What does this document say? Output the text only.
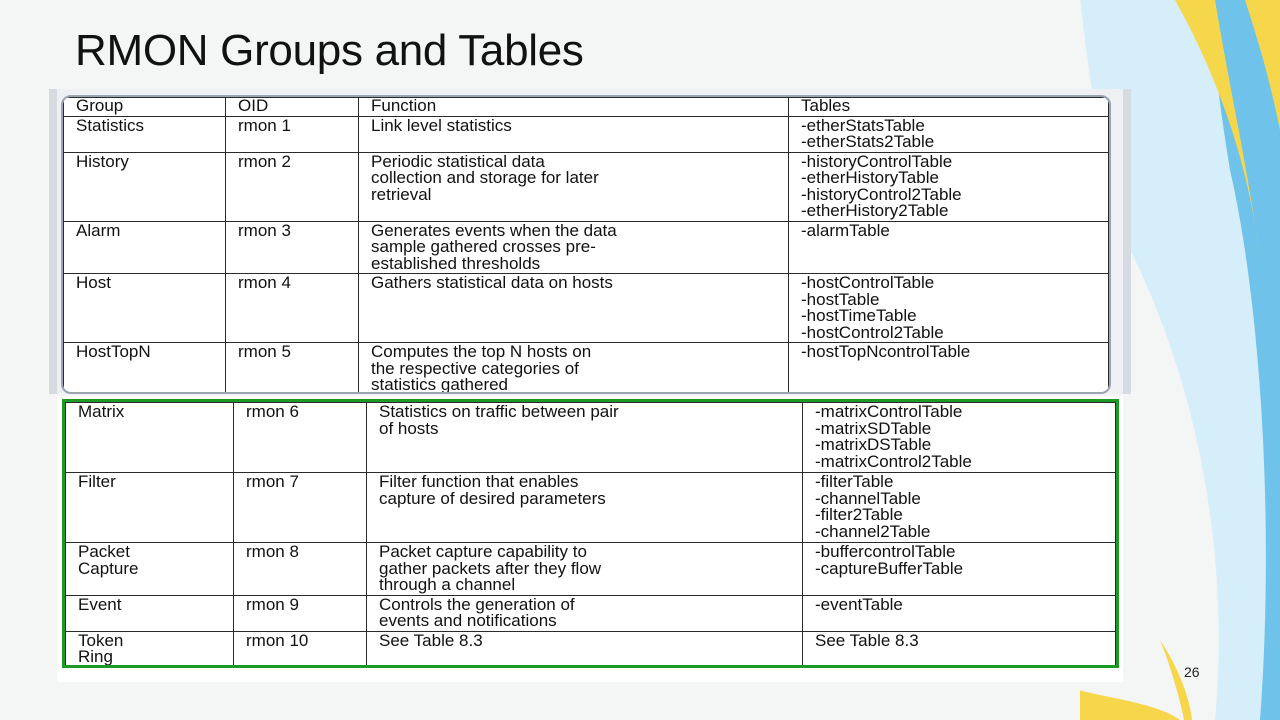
RMON Groups and Tables
Group	OID	Function	Tables

Statistics	rmon 1	Link level statistics	-etherStatsTable
-etherStats2Table

History	rmon 2	Periodic statistical data
collection and storage for later
retrieval	-historyControlTable
-etherHistoryTable
-historyControl2Table
-etherHistory2Table

Alarm	rmon 3	Generates events when the data
sample gathered crosses pre-
established thresholds	-alarmTable

Host	rmon 4	Gathers statistical data on hosts	-hostControlTable
-hostTable
-hostTimeTable
-hostControl2Table

HostTopN	rmon 5	Computes the top N hosts on
the respective categories of
statistics gathered	-hostTopNcontrolTable
Matrix	rmon 6	Statistics on traffic between pair
of hosts	-matrixControlTable
-matrixSDTable
-matrixDSTable
-matrixControl2Table

Filter	rmon 7	Filter function that enables
capture of desired parameters	-filterTable
-channelTable
-filter2Table
-channel2Table

Packet
Capture	rmon 8	Packet capture capability to
gather packets after they flow
through a channel	-buffercontrolTable
-captureBufferTable

Event	rmon 9	Controls the generation of
events and notifications	-eventTable

Token
Ring	rmon 10	See Table 8.3	See Table 8.3
26
